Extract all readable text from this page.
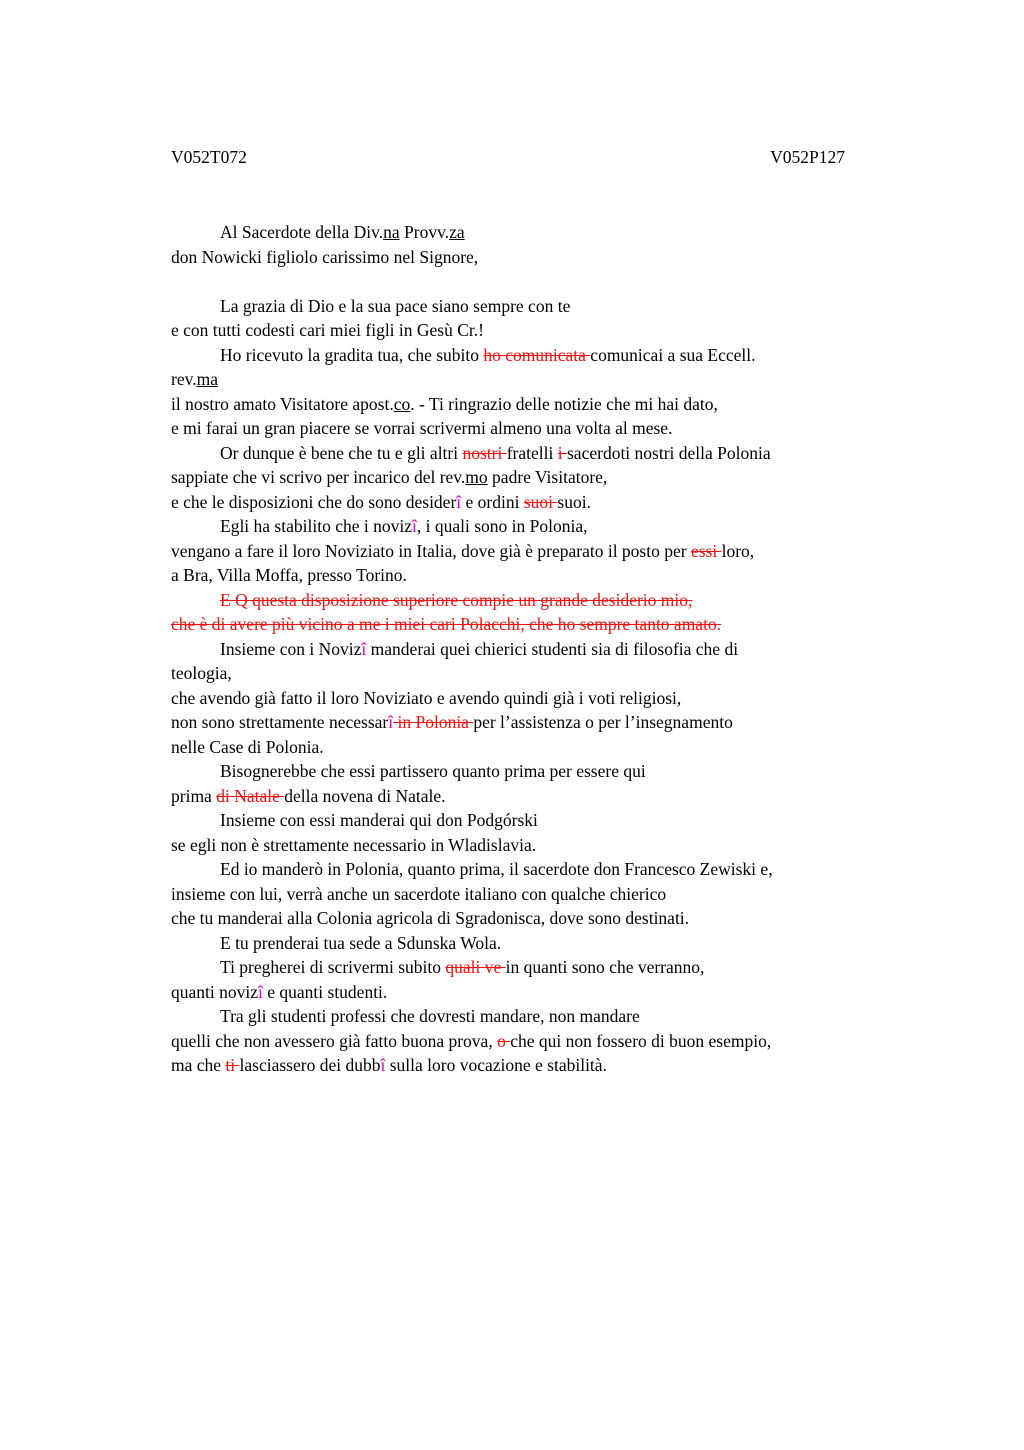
V052T072	V052P127
Al Sacerdote della Div.na Provv.za
don Nowicki figliolo carissimo nel Signore,
La grazia di Dio e la sua pace siano sempre con te
e con tutti codesti cari miei figli in Gesù Cr.!
Ho ricevuto la gradita tua, che subito ho comunicata comunicai a sua Eccell.
rev.ma
il nostro amato Visitatore apost.co. - Ti ringrazio delle notizie che mi hai dato,
e mi farai un gran piacere se vorrai scrivermi almeno una volta al mese.
Or dunque è bene che tu e gli altri nostri fratelli i sacerdoti nostri della Polonia
sappiate che vi scrivo per incarico del rev.mo padre Visitatore,
e che le disposizioni che do sono desiderî e ordini suoi suoi.
Egli ha stabilito che i novizî, i quali sono in Polonia,
vengano a fare il loro Noviziato in Italia, dove già è preparato il posto per essi loro,
a Bra, Villa Moffa, presso Torino.
E Q questa disposizione superiore compie un grande desiderio mio,
che è di avere più vicino a me i miei cari Polacchi, che ho sempre tanto amato.
Insieme con i Novizî manderai quei chierici studenti sia di filosofia che di
teologia,
che avendo già fatto il loro Noviziato e avendo quindi già i voti religiosi,
non sono strettamente necessarî in Polonia per l’assistenza o per l’insegnamento
nelle Case di Polonia.
Bisognerebbe che essi partissero quanto prima per essere qui
prima di Natale della novena di Natale.
Insieme con essi manderai qui don Podgórski
se egli non è strettamente necessario in Wladislavia.
Ed io manderò in Polonia, quanto prima, il sacerdote don Francesco Zewiski e,
insieme con lui, verrà anche un sacerdote italiano con qualche chierico
che tu manderai alla Colonia agricola di Sgradonisca, dove sono destinati.
E tu prenderai tua sede a Sdunska Wola.
Ti pregherei di scrivermi subito quali ve in quanti sono che verranno,
quanti novizî e quanti studenti.
Tra gli studenti professi che dovresti mandare, non mandare
quelli che non avessero già fatto buona prova, o che qui non fossero di buon esempio,
ma che ti lasciassero dei dubbî sulla loro vocazione e stabilità.
